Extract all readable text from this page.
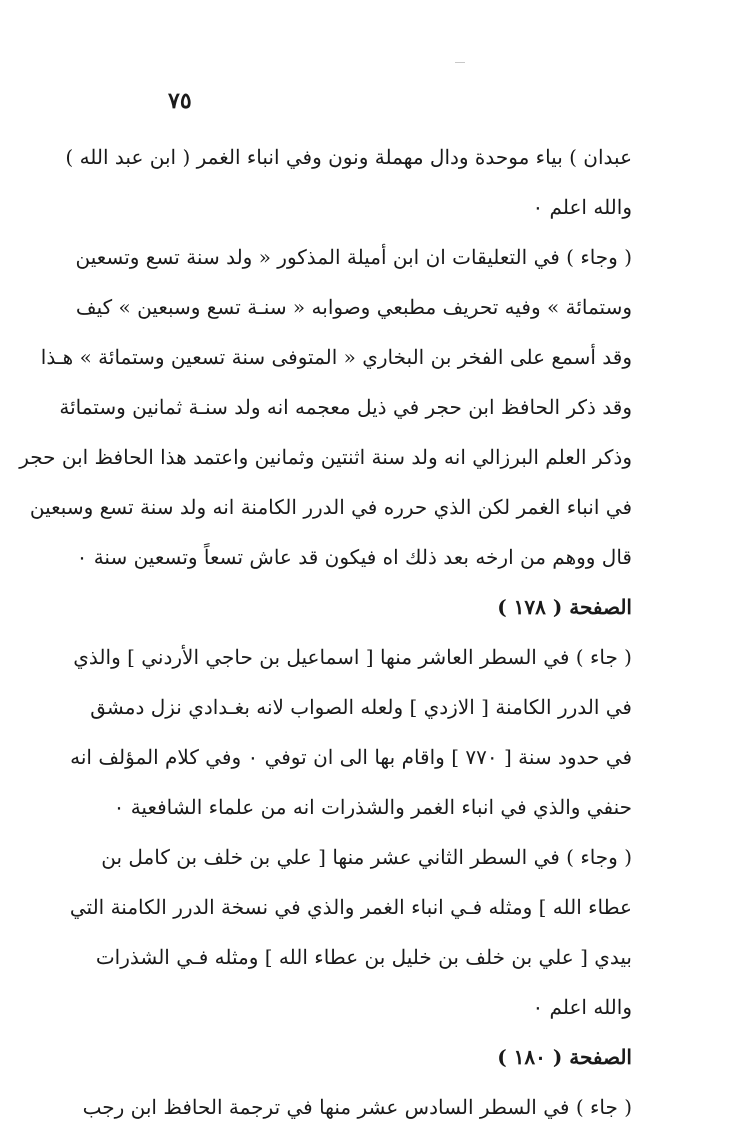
٧٥
عبدان ) بياء موحدة ودال مهملة ونون وفي انباء الغمر ( ابن عبد الله )
والله اعلم ٠
( وجاء ) في التعليقات ان ابن أميلة المذكور « ولد سنة تسع وتسعين
وستمائة » وفيه تحريف مطبعي وصوابه « سنـة تسع وسبعين » كيف
وقد أسمع على الفخر بن البخاري « المتوفى سنة تسعين وستمائة » هـذا
وقد ذكر الحافظ ابن حجر في ذيل معجمه انه ولد سنـة ثمانين وستمائة
وذكر العلم البرزالي انه ولد سنة اثنتين وثمانين واعتمد هذا الحافظ ابن حجر
في انباء الغمر لكن الذي حرره في الدرر الكامنة انه ولد سنة تسع وسبعين
قال ووهم من ارخه بعد ذلك اه فيكون قد عاش تسعاً وتسعين سنة ٠
الصفحة ( ١٧٨ )
( جاء ) في السطر العاشر منها [ اسماعيل بن حاجي الأردني ] والذي
في الدرر الكامنة [ الازدي ] ولعله الصواب لانه بغـدادي نزل دمشق
في حدود سنة [ ٧٧٠ ] واقام بها الى ان توفي ٠ وفي كلام المؤلف انه
حنفي والذي في انباء الغمر والشذرات انه من علماء الشافعية ٠
( وجاء ) في السطر الثاني عشر منها [ علي بن خلف بن كامل بن
عطاء الله ] ومثله فـي انباء الغمر والذي في نسخة الدرر الكامنة التي
بيدي [ علي بن خلف بن خليل بن عطاء الله ] ومثله فـي الشذرات
والله اعلم ٠
الصفحة ( ١٨٠ )
( جاء ) في السطر السادس عشر منها في ترجمة الحافظ ابن رجب
